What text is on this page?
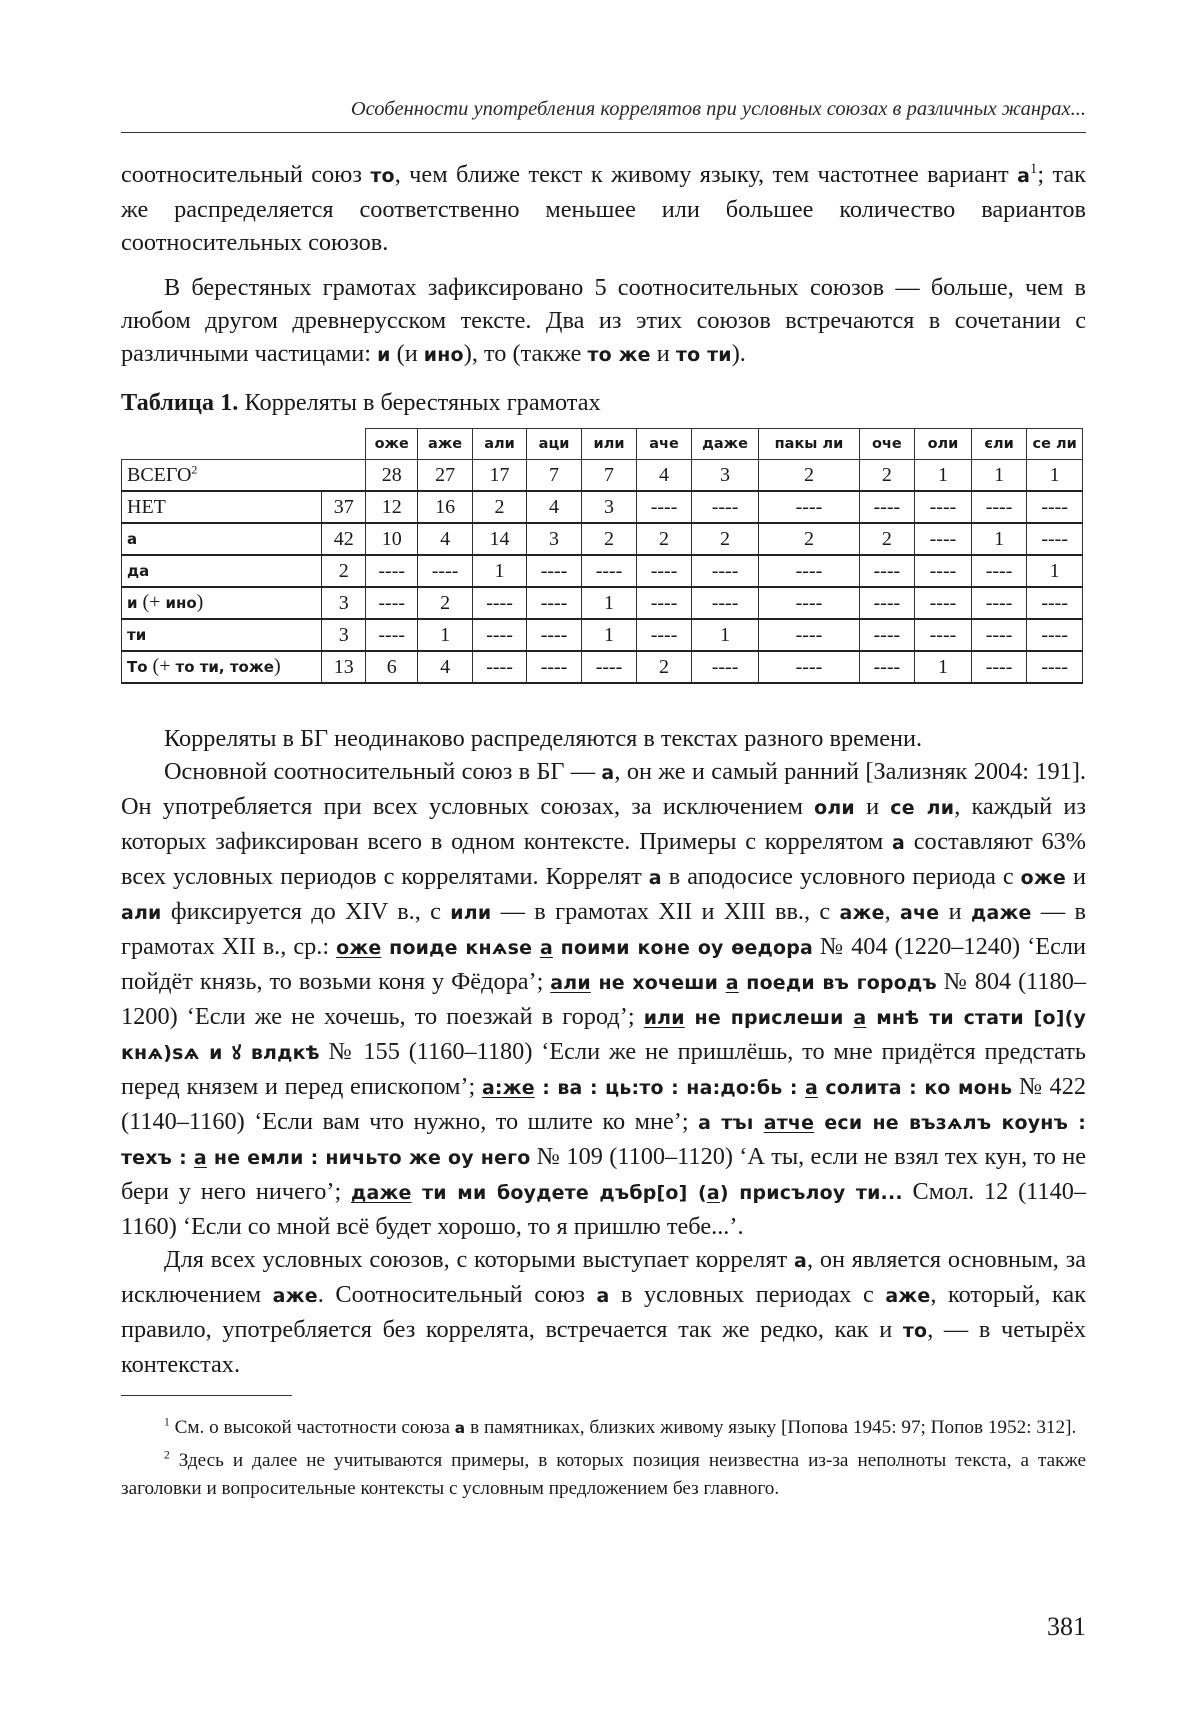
Особенности употребления коррелятов при условных союзах в различных жанрах...

соотносительный союз то, чем ближе текст к живому языку, тем частотнее вариант $а^1$; так же распределяется соответственно меньшее или большее количество вариантов соотносительных союзов.

В берестяных грамотах зафиксировано 5 соотносительных союзов — больше, чем в любом другом древнерусском тексте. Два из этих союзов встречаются в сочетании с различными частицами: и (и ино), то (также то же и то ти).

Таблица 1. Корреляты в берестяных грамотах
		оже	аже	али	аци	или	аче	даже	пакы ли	оче	оли	єли	се ли
ВСЕГО$^2$		28	27	17	7	7	4	3	2	2	1	1	1
НЕТ	37	12	16	2	4	3	----	----	----	----	----	----	----
а	42	10	4	14	3	2	2	2	2	2	----	1	----
да	2	----	----	1	----	----	----	----	----	----	----	----	1
и (+ ино)	3	----	2	----	----	1	----	----	----	----	----	----	----
ти	3	----	1	----	----	1	----	1	----	----	----	----	----
То (+ то ти, тоже)	13	6	4	----	----	----	2	----	----	----	1	----	----

Корреляты в БГ неодинаково распределяются в текстах разного времени.

Основной соотносительный союз в БГ — а, он же и самый ранний [Зализняк 2004: 191]. Он употребляется при всех условных союзах, за исключением оли и се ли, каждый из которых зафиксирован всего в одном контексте. Примеры с коррелятом а составляют 63% всех условных периодов с коррелятами. Коррелят а в аподосисе условного периода с оже и али фиксируется до XIV в., с или — в грамотах XII и XIII вв., с аже, аче и даже — в грамотах XII в., ср.: оже поиде кнѧѕе а поими коне оу ѳедора № 404 (1220–1240) ‘Если пойдёт князь, то возьми коня у Фёдора’; али не хочеши а поеди въ городъ № 804 (1180–1200) ‘Если же не хочешь, то поезжай в город’; или не прислеши а мнѣ ти стати [о](у кнѧ)ѕѧ и ꙋ влдкѣ № 155 (1160–1180) ‘Если же не пришлёшь, то мне придётся предстать перед князем и перед епископом’; а:же : ва : ць:то : на:до:бь : а солита : ко монь № 422 (1140–1160) ‘Если вам что нужно, то шлите ко мне’; а тъı атче еси не възѧлъ коунъ : техъ : а не емли : ничьто же оу него № 109 (1100–1120) ‘А ты, если не взял тех кун, то не бери у него ничего’; даже ти ми боудете дъбр[о] (а) присълоу ти... Смол. 12 (1140–1160) ‘Если со мной всё будет хорошо, то я пришлю тебе...’.

Для всех условных союзов, с которыми выступает коррелят а, он является основным, за исключением аже. Соотносительный союз а в условных периодах с аже, который, как правило, употребляется без коррелята, встречается так же редко, как и то, — в четырёх контекстах.

$^1$ См. о высокой частотности союза а в памятниках, близких живому языку [Попова 1945: 97; Попов 1952: 312].

$^2$ Здесь и далее не учитываются примеры, в которых позиция неизвестна из-за неполноты текста, а также заголовки и вопросительные контексты с условным предложением без главного.

381
